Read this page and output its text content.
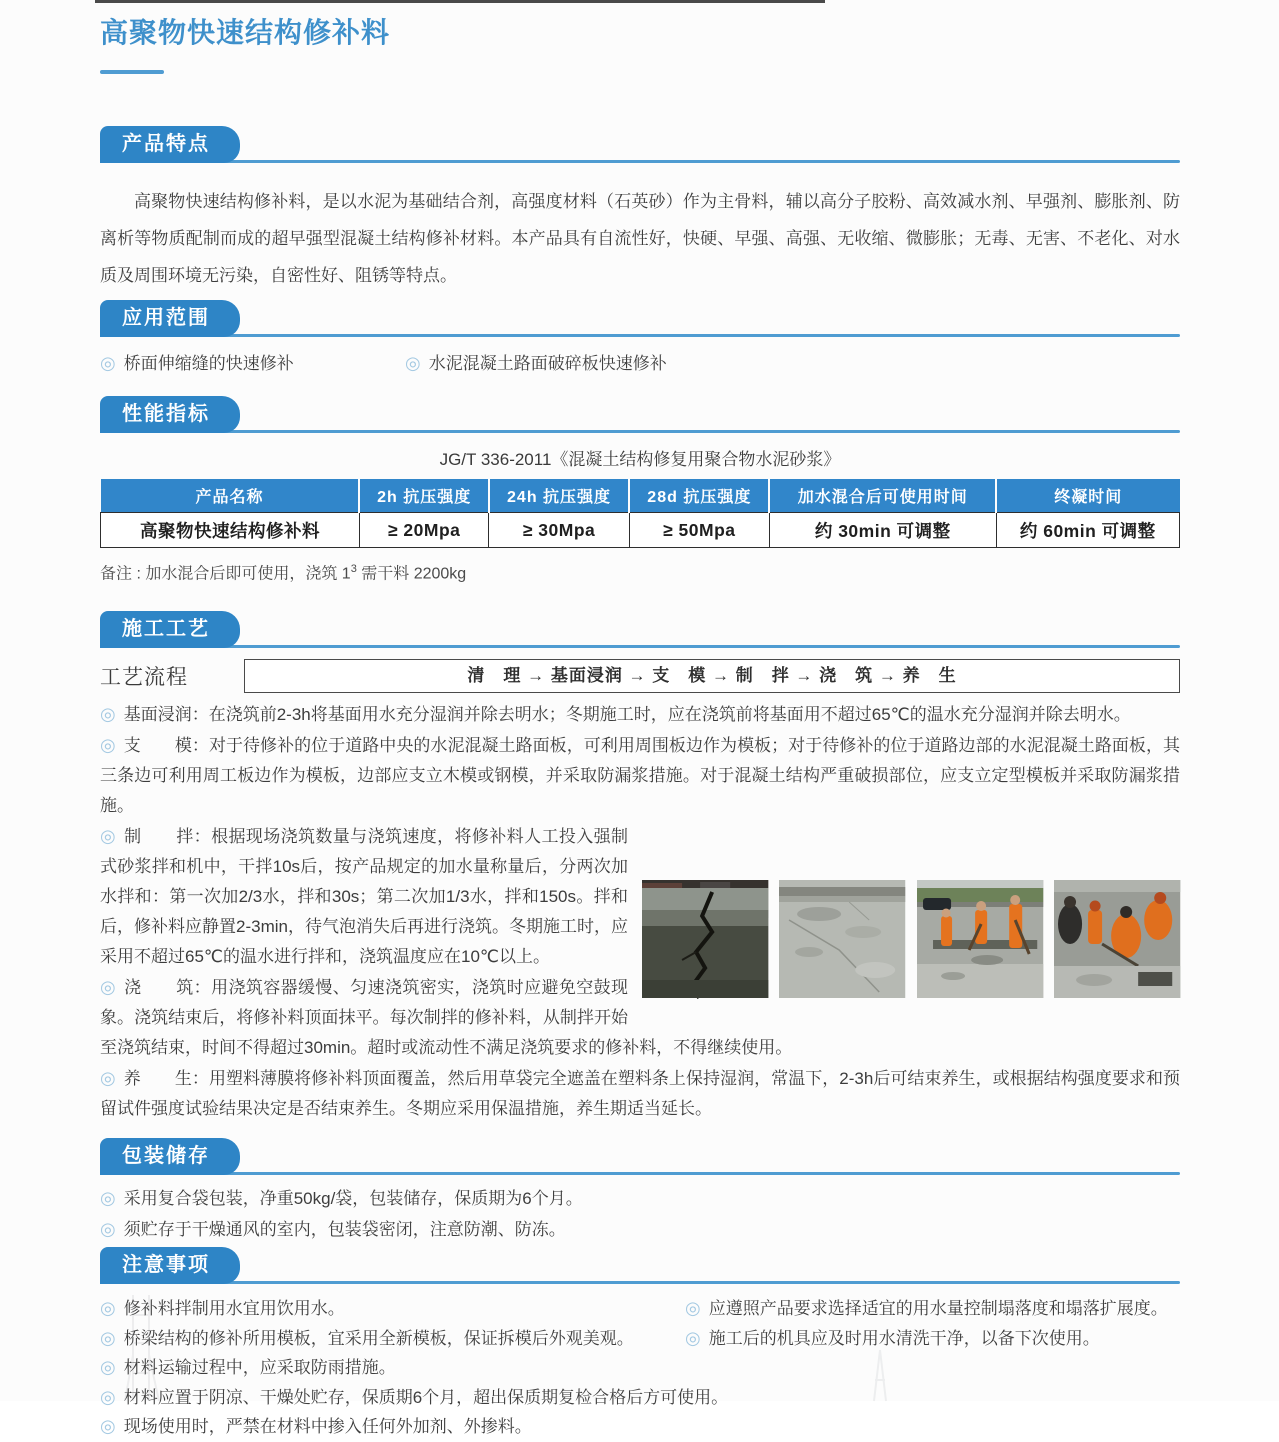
高聚物快速结构修补料
产品特点

高聚物快速结构修补料，是以水泥为基础结合剂，高强度材料（石英砂）作为主骨料，辅以高分子胶粉、高效减水剂、早强剂、膨胀剂、防离析等物质配制而成的超早强型混凝土结构修补材料。本产品具有自流性好，快硬、早强、高强、无收缩、微膨胀；无毒、无害、不老化、对水质及周围环境无污染，自密性好、阻锈等特点。

应用范围
◎ 桥面伸缩缝的快速修补	◎ 水泥混凝土路面破碎板快速修补
性能指标
JG/T 336-2011《混凝土结构修复用聚合物水泥砂浆》
产品名称	2h 抗压强度	24h 抗压强度	28d 抗压强度	加水混合后可使用时间	终凝时间
高聚物快速结构修补料	≥ 20Mpa	≥ 30Mpa	≥ 50Mpa	约 30min 可调整	约 60min 可调整
备注 : 加水混合后即可使用，浇筑 $1^3$ 需干料 2200kg
施工工艺
工艺流程	清　理 → 基面浸润 → 支　模 → 制　拌 → 浇　筑 → 养　生

◎ 基面浸润：在浇筑前2-3h将基面用水充分湿润并除去明水；冬期施工时，应在浇筑前将基面用不超过65℃的温水充分湿润并除去明水。

◎ 支　　模：对于待修补的位于道路中央的水泥混凝土路面板，可利用周围板边作为模板；对于待修补的位于道路边部的水泥混凝土路面板，其三条边可利用周工板边作为模板，边部应支立木模或钢模，并采取防漏浆措施。对于混凝土结构严重破损部位，应支立定型模板并采取防漏浆措施。

◎ 制　　拌：根据现场浇筑数量与浇筑速度，将修补料人工投入强制式砂浆拌和机中，干拌10s后，按产品规定的加水量称量后，分两次加水拌和：第一次加2/3水，拌和30s；第二次加1/3水，拌和150s。拌和后，修补料应静置2-3min，待气泡消失后再进行浇筑。冬期施工时，应采用不超过65℃的温水进行拌和，浇筑温度应在10℃以上。

◎ 浇　　筑：用浇筑容器缓慢、匀速浇筑密实，浇筑时应避免空鼓现象。浇筑结束后，将修补料顶面抹平。每次制拌的修补料，从制拌开始至浇筑结束，时间不得超过30min。超时或流动性不满足浇筑要求的修补料，不得继续使用。

◎ 养　　生：用塑料薄膜将修补料顶面覆盖，然后用草袋完全遮盖在塑料条上保持湿润，常温下，2-3h后可结束养生，或根据结构强度要求和预留试件强度试验结果决定是否结束养生。冬期应采用保温措施，养生期适当延长。

包装储存
◎ 采用复合袋包装，净重50kg/袋，包装储存，保质期为6个月。
◎ 须贮存于干燥通风的室内，包装袋密闭，注意防潮、防冻。
注意事项
◎ 修补料拌制用水宜用饮用水。
◎ 桥梁结构的修补所用模板，宜采用全新模板，保证拆模后外观美观。
◎ 材料运输过程中，应采取防雨措施。
◎ 材料应置于阴凉、干燥处贮存，保质期6个月，超出保质期复检合格后方可使用。
◎ 现场使用时，严禁在材料中掺入任何外加剂、外掺料。
◎ 应遵照产品要求选择适宜的用水量控制塌落度和塌落扩展度。
◎ 施工后的机具应及时用水清洗干净，以备下次使用。
